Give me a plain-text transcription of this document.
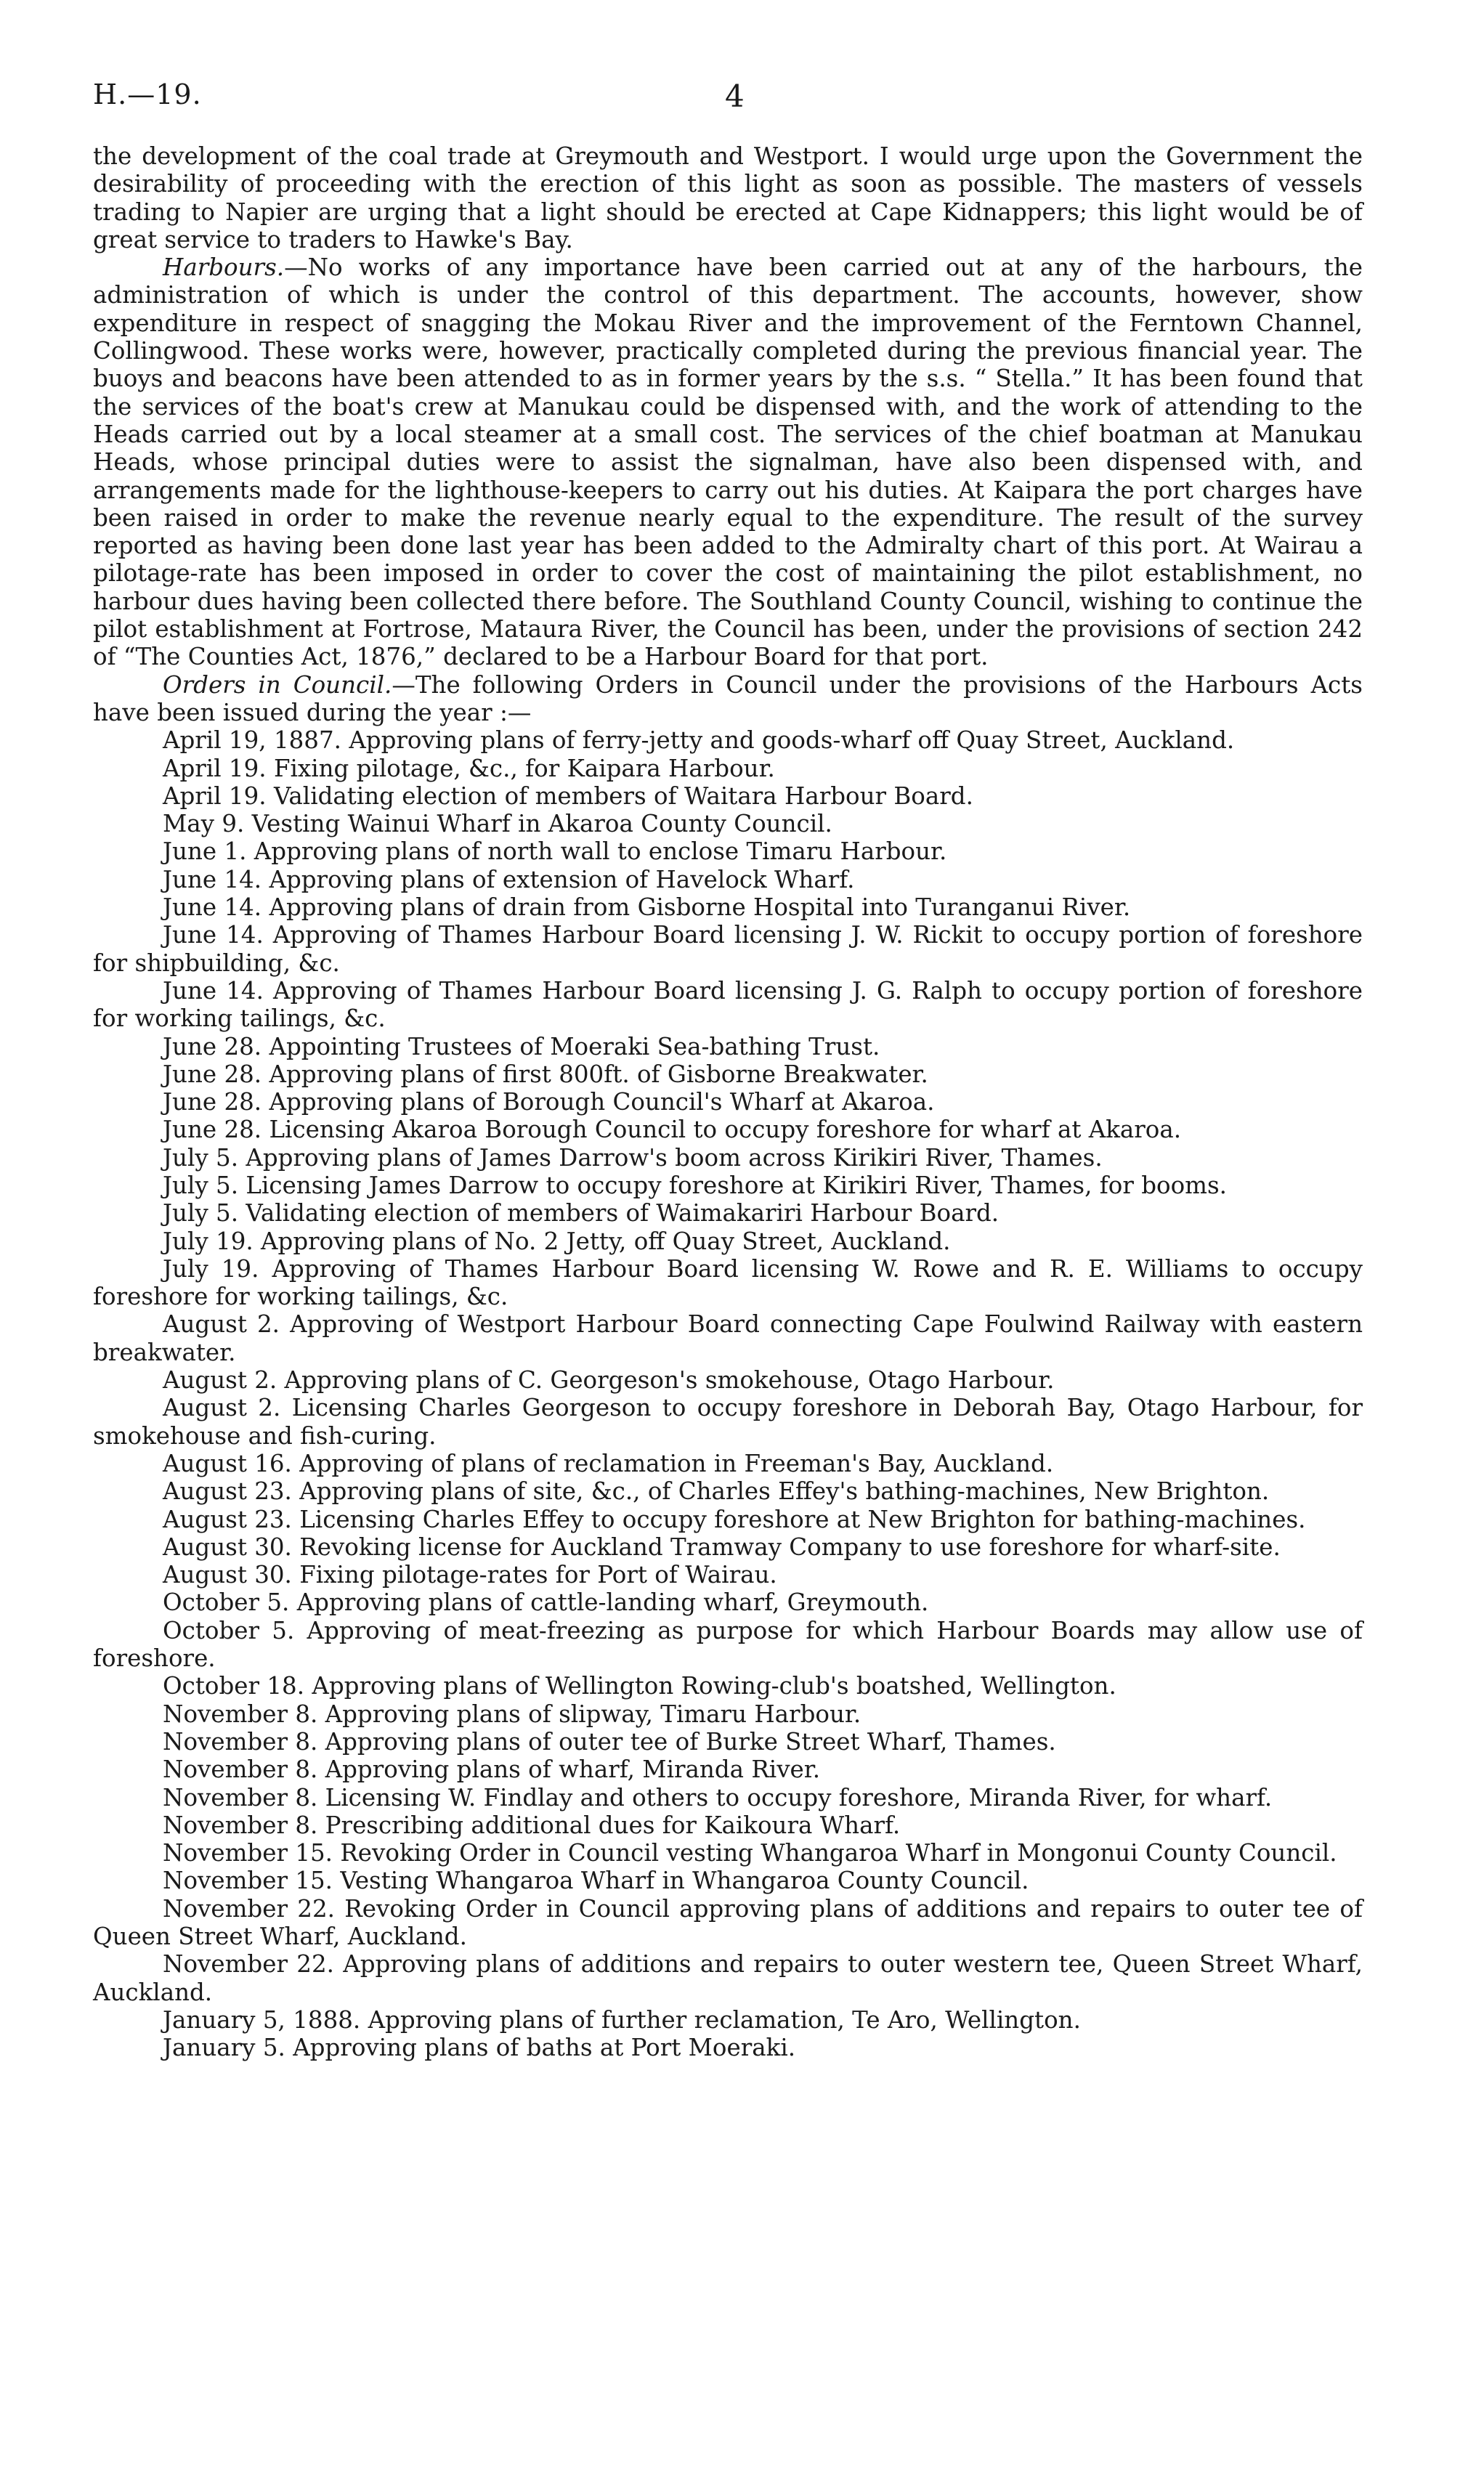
H.—19.	4

the development of the coal trade at Greymouth and Westport. I would urge upon the Government the desirability of proceeding with the erection of this light as soon as possible. The masters of vessels trading to Napier are urging that a light should be erected at Cape Kidnappers; this light would be of great service to traders to Hawke's Bay.

Harbours.—No works of any importance have been carried out at any of the harbours, the administration of which is under the control of this department. The accounts, however, show expenditure in respect of snagging the Mokau River and the improvement of the Ferntown Channel, Collingwood. These works were, however, practically completed during the previous financial year. The buoys and beacons have been attended to as in former years by the s.s. “ Stella.” It has been found that the services of the boat's crew at Manukau could be dispensed with, and the work of attending to the Heads carried out by a local steamer at a small cost. The services of the chief boatman at Manukau Heads, whose principal duties were to assist the signalman, have also been dispensed with, and arrangements made for the lighthouse-keepers to carry out his duties. At Kaipara the port charges have been raised in order to make the revenue nearly equal to the expenditure. The result of the survey reported as having been done last year has been added to the Admiralty chart of this port. At Wairau a pilotage-rate has been imposed in order to cover the cost of maintaining the pilot establishment, no harbour dues having been collected there before. The Southland County Council, wishing to continue the pilot establishment at Fortrose, Mataura River, the Council has been, under the provisions of section 242 of “The Counties Act, 1876,” declared to be a Harbour Board for that port.

Orders in Council.—The following Orders in Council under the provisions of the Harbours Acts have been issued during the year :—

April 19, 1887. Approving plans of ferry-jetty and goods-wharf off Quay Street, Auckland.

April 19. Fixing pilotage, &c., for Kaipara Harbour.

April 19. Validating election of members of Waitara Harbour Board.

May 9. Vesting Wainui Wharf in Akaroa County Council.

June 1. Approving plans of north wall to enclose Timaru Harbour.

June 14. Approving plans of extension of Havelock Wharf.

June 14. Approving plans of drain from Gisborne Hospital into Turanganui River.

June 14. Approving of Thames Harbour Board licensing J. W. Rickit to occupy portion of foreshore for shipbuilding, &c.

June 14. Approving of Thames Harbour Board licensing J. G. Ralph to occupy portion of foreshore for working tailings, &c.

June 28. Appointing Trustees of Moeraki Sea-bathing Trust.

June 28. Approving plans of first 800ft. of Gisborne Breakwater.

June 28. Approving plans of Borough Council's Wharf at Akaroa.

June 28. Licensing Akaroa Borough Council to occupy foreshore for wharf at Akaroa.

July 5. Approving plans of James Darrow's boom across Kirikiri River, Thames.

July 5. Licensing James Darrow to occupy foreshore at Kirikiri River, Thames, for booms.

July 5. Validating election of members of Waimakariri Harbour Board.

July 19. Approving plans of No. 2 Jetty, off Quay Street, Auckland.

July 19. Approving of Thames Harbour Board licensing W. Rowe and R. E. Williams to occupy foreshore for working tailings, &c.

August 2. Approving of Westport Harbour Board connecting Cape Foulwind Railway with eastern breakwater.

August 2. Approving plans of C. Georgeson's smokehouse, Otago Harbour.

August 2. Licensing Charles Georgeson to occupy foreshore in Deborah Bay, Otago Harbour, for smokehouse and fish-curing.

August 16. Approving of plans of reclamation in Freeman's Bay, Auckland.

August 23. Approving plans of site, &c., of Charles Effey's bathing-machines, New Brighton.

August 23. Licensing Charles Effey to occupy foreshore at New Brighton for bathing-machines.

August 30. Revoking license for Auckland Tramway Company to use foreshore for wharf-site.

August 30. Fixing pilotage-rates for Port of Wairau.

October 5. Approving plans of cattle-landing wharf, Greymouth.

October 5. Approving of meat-freezing as purpose for which Harbour Boards may allow use of foreshore.

October 18. Approving plans of Wellington Rowing-club's boatshed, Wellington.

November 8. Approving plans of slipway, Timaru Harbour.

November 8. Approving plans of outer tee of Burke Street Wharf, Thames.

November 8. Approving plans of wharf, Miranda River.

November 8. Licensing W. Findlay and others to occupy foreshore, Miranda River, for wharf.

November 8. Prescribing additional dues for Kaikoura Wharf.

November 15. Revoking Order in Council vesting Whangaroa Wharf in Mongonui County Council.

November 15. Vesting Whangaroa Wharf in Whangaroa County Council.

November 22. Revoking Order in Council approving plans of additions and repairs to outer tee of Queen Street Wharf, Auckland.

November 22. Approving plans of additions and repairs to outer western tee, Queen Street Wharf, Auckland.

January 5, 1888. Approving plans of further reclamation, Te Aro, Wellington.

January 5. Approving plans of baths at Port Moeraki.
